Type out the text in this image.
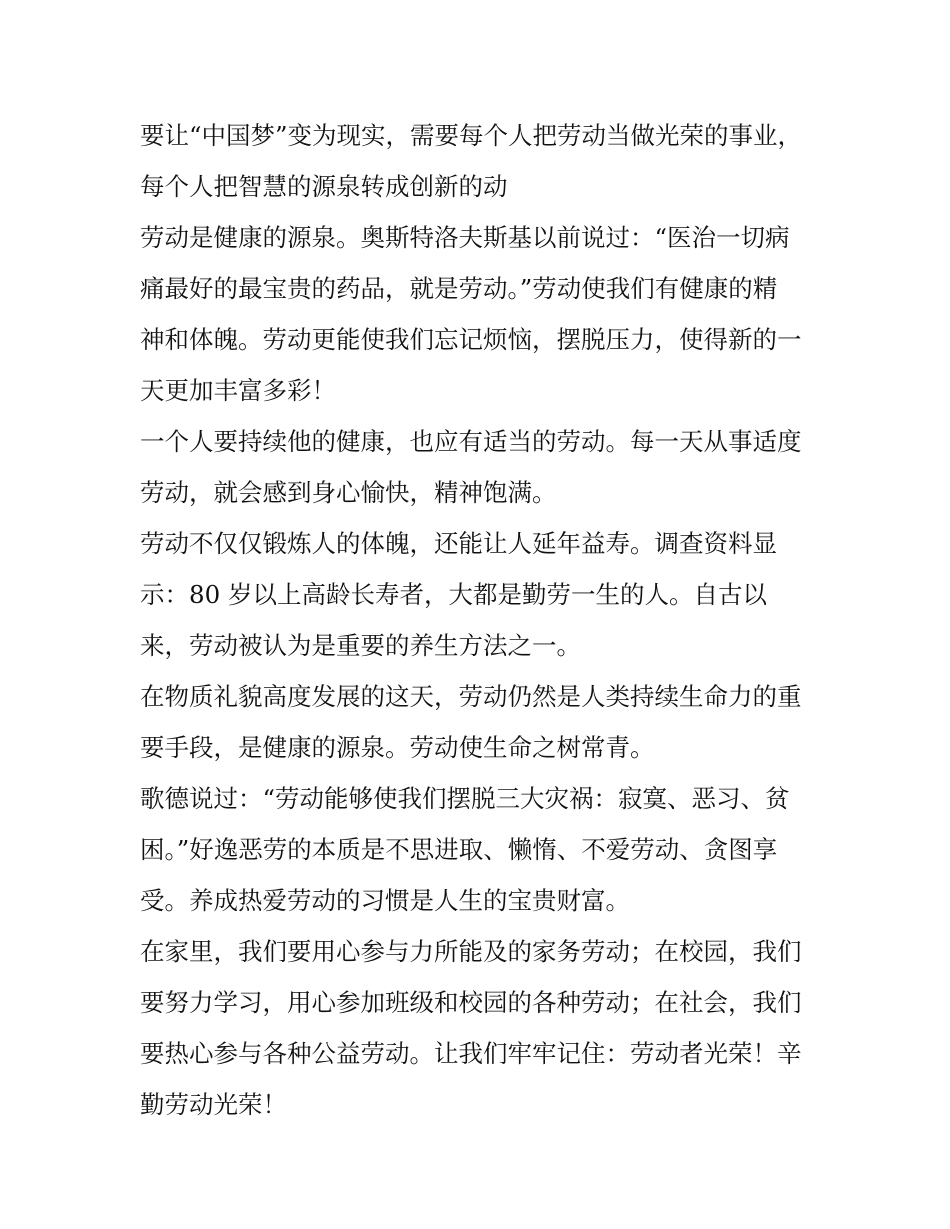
要让“中国梦”变为现实，需要每个人把劳动当做光荣的事业，
每个人把智慧的源泉转成创新的动
劳动是健康的源泉。奥斯特洛夫斯基以前说过：“医治一切病
痛最好的最宝贵的药品，就是劳动。”劳动使我们有健康的精
神和体魄。劳动更能使我们忘记烦恼，摆脱压力，使得新的一
天更加丰富多彩！
一个人要持续他的健康，也应有适当的劳动。每一天从事适度
劳动，就会感到身心愉快，精神饱满。
劳动不仅仅锻炼人的体魄，还能让人延年益寿。调查资料显
示：80 岁以上高龄长寿者，大都是勤劳一生的人。自古以
来，劳动被认为是重要的养生方法之一。
在物质礼貌高度发展的这天，劳动仍然是人类持续生命力的重
要手段，是健康的源泉。劳动使生命之树常青。
歌德说过：“劳动能够使我们摆脱三大灾祸：寂寞、恶习、贫
困。”好逸恶劳的本质是不思进取、懒惰、不爱劳动、贪图享
受。养成热爱劳动的习惯是人生的宝贵财富。
在家里，我们要用心参与力所能及的家务劳动；在校园，我们
要努力学习，用心参加班级和校园的各种劳动；在社会，我们
要热心参与各种公益劳动。让我们牢牢记住：劳动者光荣！辛
勤劳动光荣！
